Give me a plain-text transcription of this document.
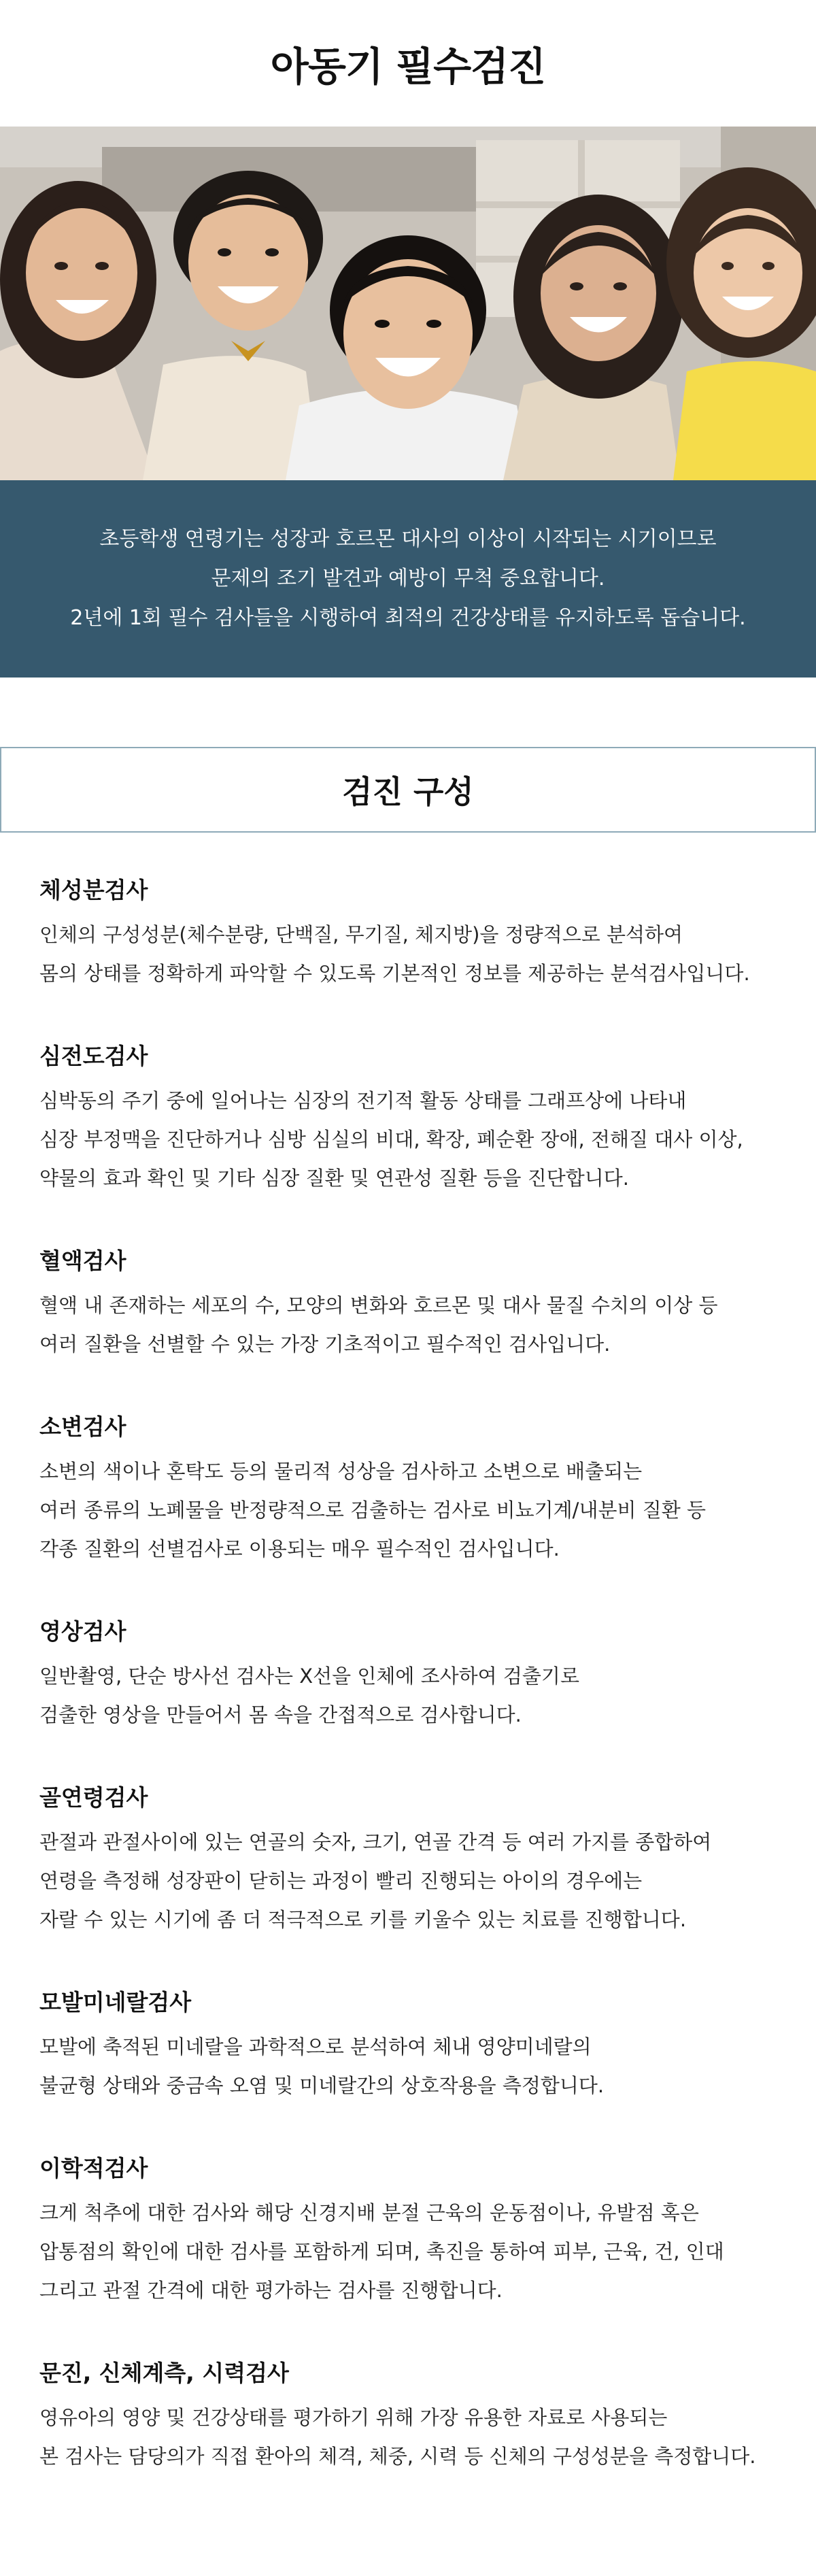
아동기 필수검진

초등학생 연령기는 성장과 호르몬 대사의 이상이 시작되는 시기이므로

문제의 조기 발견과 예방이 무척 중요합니다.

2년에 1회 필수 검사들을 시행하여 최적의 건강상태를 유지하도록 돕습니다.

검진 구성
체성분검사

인체의 구성성분(체수분량, 단백질, 무기질, 체지방)을 정량적으로 분석하여

몸의 상태를 정확하게 파악할 수 있도록 기본적인 정보를 제공하는 분석검사입니다.

심전도검사

심박동의 주기 중에 일어나는 심장의 전기적 활동 상태를 그래프상에 나타내

심장 부정맥을 진단하거나 심방 심실의 비대, 확장, 폐순환 장애, 전해질 대사 이상,

약물의 효과 확인 및 기타 심장 질환 및 연관성 질환 등을 진단합니다.

혈액검사

혈액 내 존재하는 세포의 수, 모양의 변화와 호르몬 및 대사 물질 수치의 이상 등

여러 질환을 선별할 수 있는 가장 기초적이고 필수적인 검사입니다.

소변검사

소변의 색이나 혼탁도 등의 물리적 성상을 검사하고 소변으로 배출되는

여러 종류의 노폐물을 반정량적으로 검출하는 검사로 비뇨기계/내분비 질환 등

각종 질환의 선별검사로 이용되는 매우 필수적인 검사입니다.

영상검사

일반촬영, 단순 방사선 검사는 X선을 인체에 조사하여 검출기로

검출한 영상을 만들어서 몸 속을 간접적으로 검사합니다.

골연령검사

관절과 관절사이에 있는 연골의 숫자, 크기, 연골 간격 등 여러 가지를 종합하여

연령을 측정해 성장판이 닫히는 과정이 빨리 진행되는 아이의 경우에는

자랄 수 있는 시기에 좀 더 적극적으로 키를 키울수 있는 치료를 진행합니다.

모발미네랄검사

모발에 축적된 미네랄을 과학적으로 분석하여 체내 영양미네랄의

불균형 상태와 중금속 오염 및 미네랄간의 상호작용을 측정합니다.

이학적검사

크게 척추에 대한 검사와 해당 신경지배 분절 근육의 운동점이나, 유발점 혹은

압통점의 확인에 대한 검사를 포함하게 되며, 촉진을 통하여 피부, 근육, 건, 인대

그리고 관절 간격에 대한 평가하는 검사를 진행합니다.

문진, 신체계측, 시력검사

영유아의 영양 및 건강상태를 평가하기 위해 가장 유용한 자료로 사용되는

본 검사는 담당의가 직접 환아의 체격, 체중, 시력 등 신체의 구성성분을 측정합니다.
